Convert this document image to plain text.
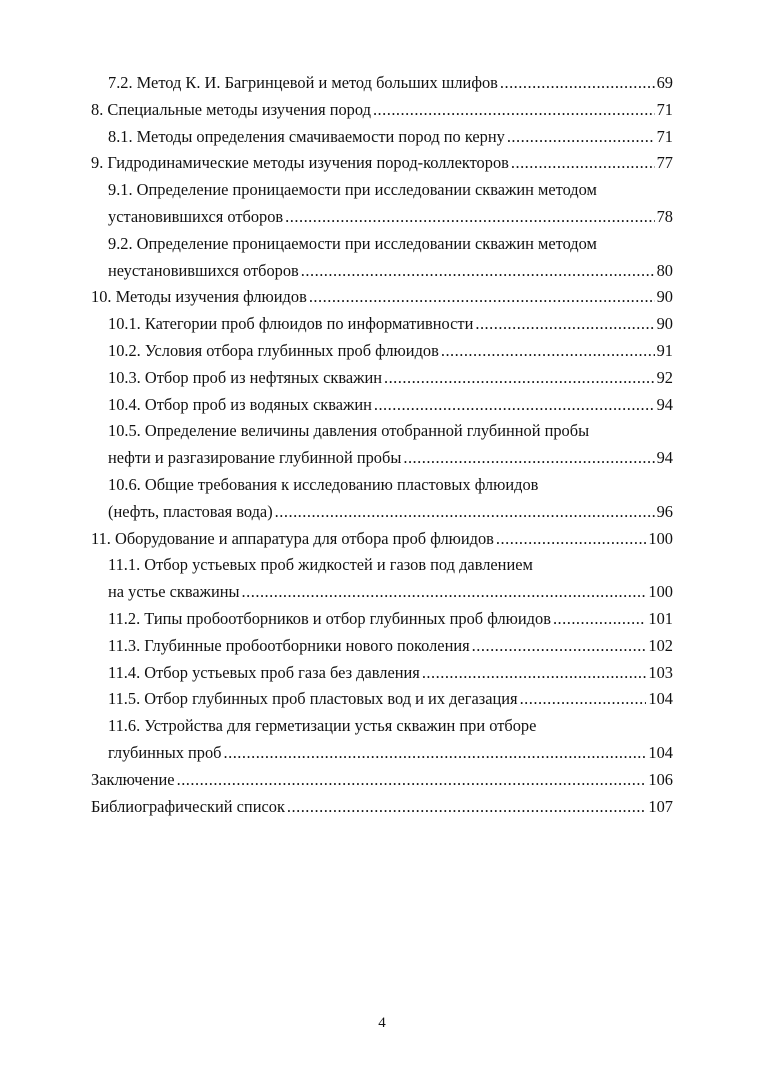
7.2. Метод К. И. Багринцевой и метод больших шлифов .....	69
8. Специальные методы изучения пород .....	71
8.1. Методы определения смачиваемости пород по керну .....	71
9. Гидродинамические методы изучения пород-коллекторов .....	77
9.1. Определение проницаемости при исследовании скважин методом
установившихся отборов .....	78
9.2. Определение проницаемости при исследовании скважин методом
неустановившихся отборов .....	80
10. Методы изучения флюидов .....	90
10.1. Категории проб флюидов по информативности .....	90
10.2. Условия отбора глубинных проб флюидов .....	91
10.3. Отбор проб из нефтяных скважин .....	92
10.4. Отбор проб из водяных скважин .....	94
10.5. Определение величины давления отобранной глубинной пробы
нефти и разгазирование глубинной пробы .....	94
10.6. Общие требования к исследованию пластовых флюидов
(нефть, пластовая вода) .....	96
11. Оборудование и аппаратура для отбора проб флюидов .....	100
11.1. Отбор устьевых проб жидкостей и газов под давлением
на устье скважины .....	100
11.2. Типы пробоотборников и отбор глубинных проб флюидов .....	101
11.3. Глубинные пробоотборники нового поколения .....	102
11.4. Отбор устьевых проб газа без давления .....	103
11.5. Отбор глубинных проб пластовых вод и их дегазация .....	104
11.6. Устройства для герметизации устья скважин при отборе
глубинных проб .....	104
Заключение .....	106
Библиографический список .....	107
4
